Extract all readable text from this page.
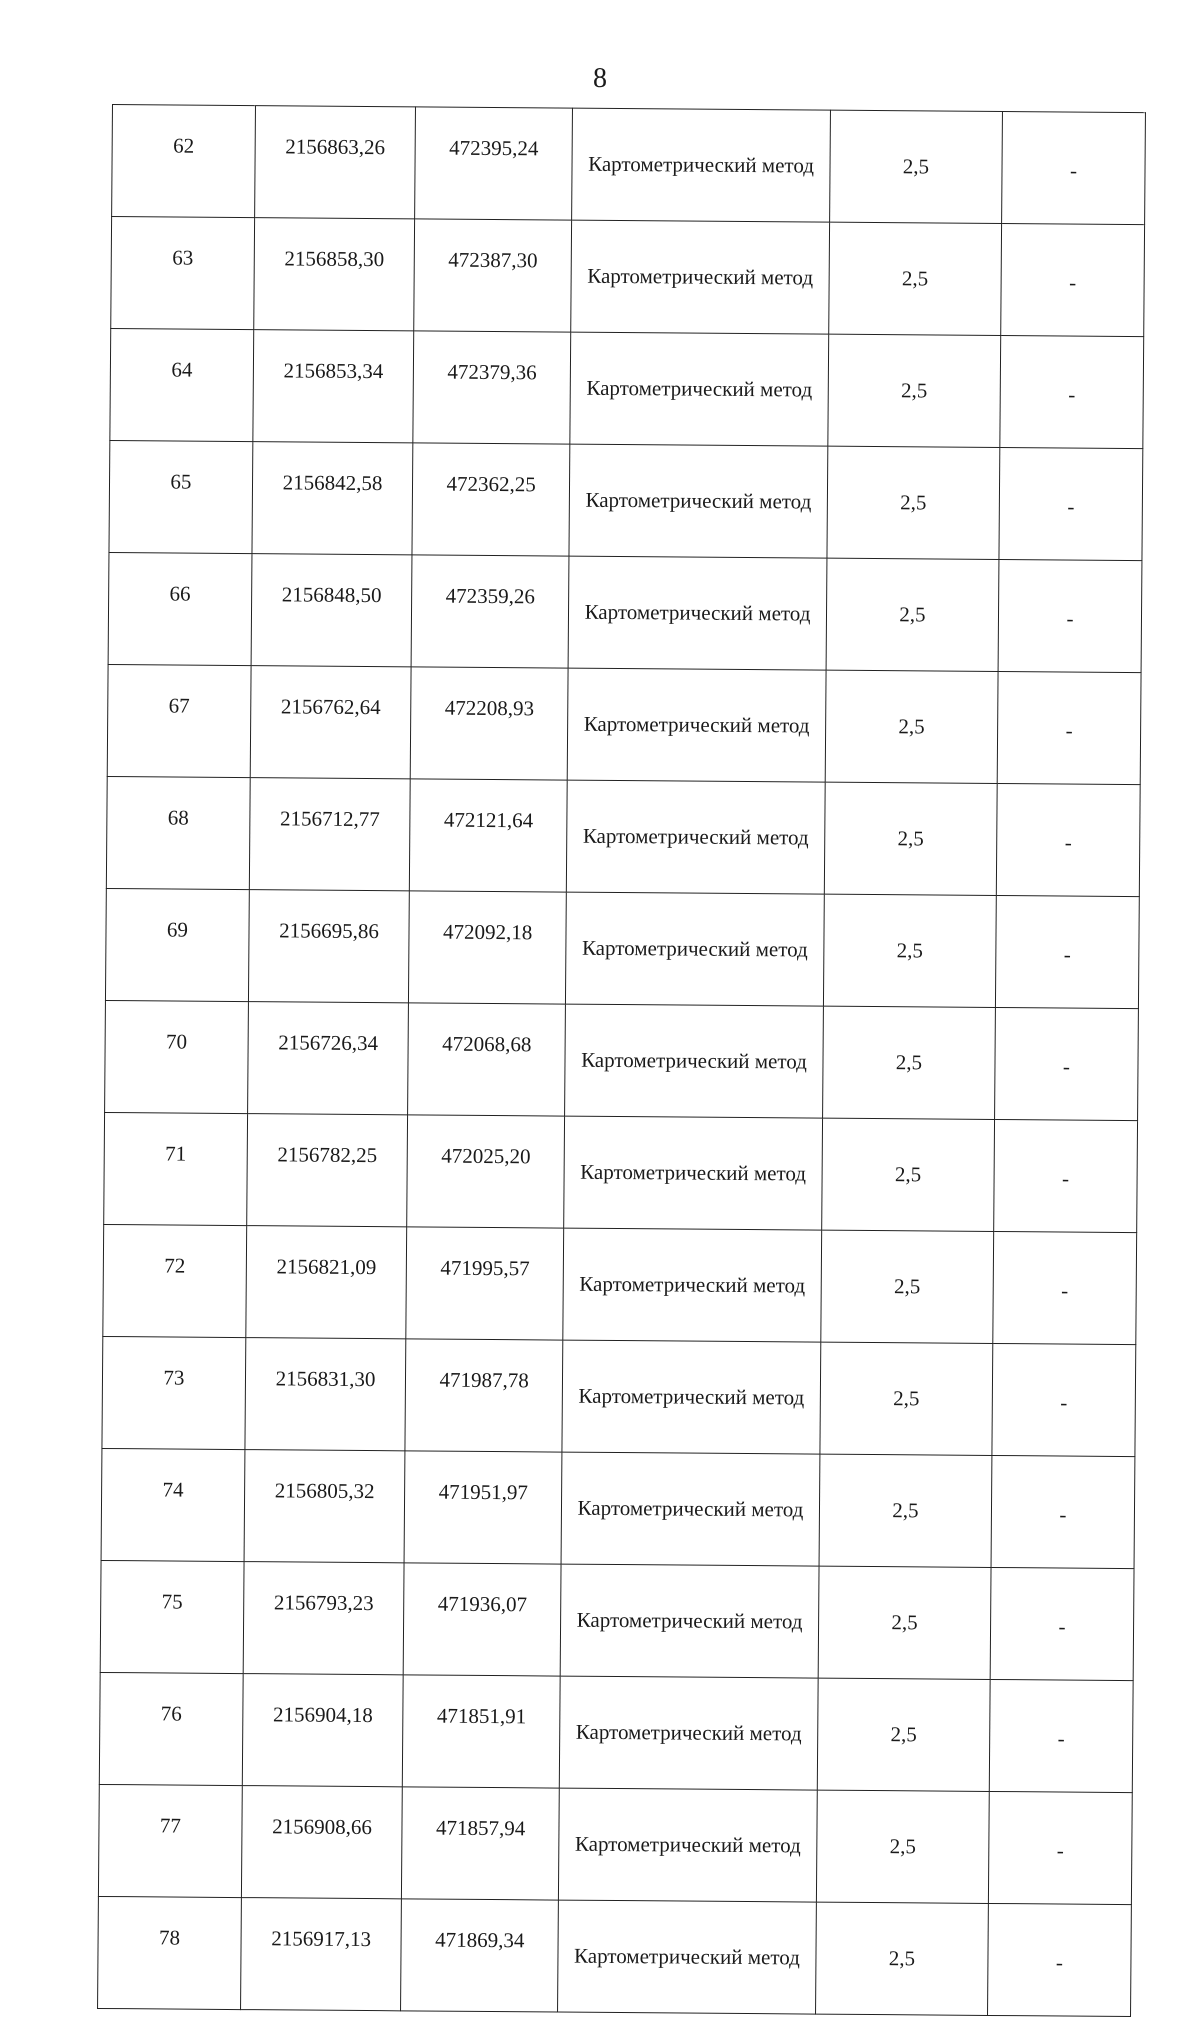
8
62	2156863,26	472395,24	Картометрический метод	2,5	-
63	2156858,30	472387,30	Картометрический метод	2,5	-
64	2156853,34	472379,36	Картометрический метод	2,5	-
65	2156842,58	472362,25	Картометрический метод	2,5	-
66	2156848,50	472359,26	Картометрический метод	2,5	-
67	2156762,64	472208,93	Картометрический метод	2,5	-
68	2156712,77	472121,64	Картометрический метод	2,5	-
69	2156695,86	472092,18	Картометрический метод	2,5	-
70	2156726,34	472068,68	Картометрический метод	2,5	-
71	2156782,25	472025,20	Картометрический метод	2,5	-
72	2156821,09	471995,57	Картометрический метод	2,5	-
73	2156831,30	471987,78	Картометрический метод	2,5	-
74	2156805,32	471951,97	Картометрический метод	2,5	-
75	2156793,23	471936,07	Картометрический метод	2,5	-
76	2156904,18	471851,91	Картометрический метод	2,5	-
77	2156908,66	471857,94	Картометрический метод	2,5	-
78	2156917,13	471869,34	Картометрический метод	2,5	-
